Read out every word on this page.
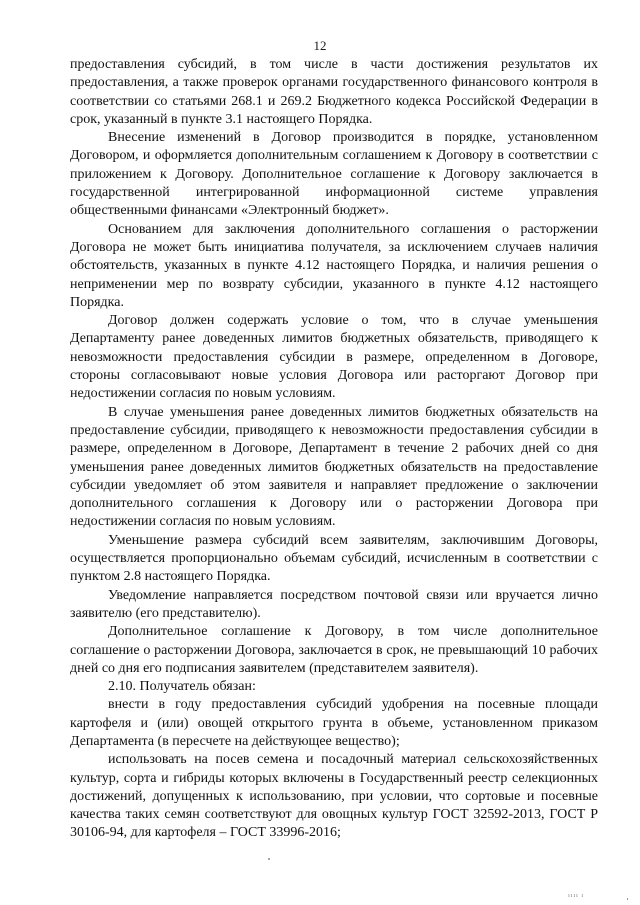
12

предоставления субсидий, в том числе в части достижения результатов их предоставления, а также проверок органами государственного финансового контроля в соответствии со статьями 268.1 и 269.2 Бюджетного кодекса Российской Федерации в срок, указанный в пункте 3.1 настоящего Порядка.

Внесение изменений в Договор производится в порядке, установленном Договором, и оформляется дополнительным соглашением к Договору в соответствии с приложением к Договору. Дополнительное соглашение к Договору заключается в государственной интегрированной информационной системе управления общественными финансами «Электронный бюджет».

Основанием для заключения дополнительного соглашения о расторжении Договора не может быть инициатива получателя, за исключением случаев наличия обстоятельств, указанных в пункте 4.12 настоящего Порядка, и наличия решения о неприменении мер по возврату субсидии, указанного в пункте 4.12 настоящего Порядка.

Договор должен содержать условие о том, что в случае уменьшения Департаменту ранее доведенных лимитов бюджетных обязательств, приводящего к невозможности предоставления субсидии в размере, определенном в Договоре, стороны согласовывают новые условия Договора или расторгают Договор при недостижении согласия по новым условиям.

В случае уменьшения ранее доведенных лимитов бюджетных обязательств на предоставление субсидии, приводящего к невозможности предоставления субсидии в размере, определенном в Договоре, Департамент в течение 2 рабочих дней со дня уменьшения ранее доведенных лимитов бюджетных обязательств на предоставление субсидии уведомляет об этом заявителя и направляет предложение о заключении дополнительного соглашения к Договору или о расторжении Договора при недостижении согласия по новым условиям.

Уменьшение размера субсидий всем заявителям, заключившим Договоры, осуществляется пропорционально объемам субсидий, исчисленным в соответствии с пунктом 2.8 настоящего Порядка.

Уведомление направляется посредством почтовой связи или вручается лично заявителю (его представителю).

Дополнительное соглашение к Договору, в том числе дополнительное соглашение о расторжении Договора, заключается в срок, не превышающий 10 рабочих дней со дня его подписания заявителем (представителем заявителя).

2.10. Получатель обязан:

внести в году предоставления субсидий удобрения на посевные площади картофеля и (или) овощей открытого грунта в объеме, установленном приказом Департамента (в пересчете на действующее вещество);

использовать на посев семена и посадочный материал сельскохозяйственных культур, сорта и гибриды которых включены в Государственный реестр селекционных достижений, допущенных к использованию, при условии, что сортовые и посевные качества таких семян соответствуют для овощных культур ГОСТ 32592-2013, ГОСТ Р 30106-94, для картофеля – ГОСТ 33996-2016;

ıııı ı
